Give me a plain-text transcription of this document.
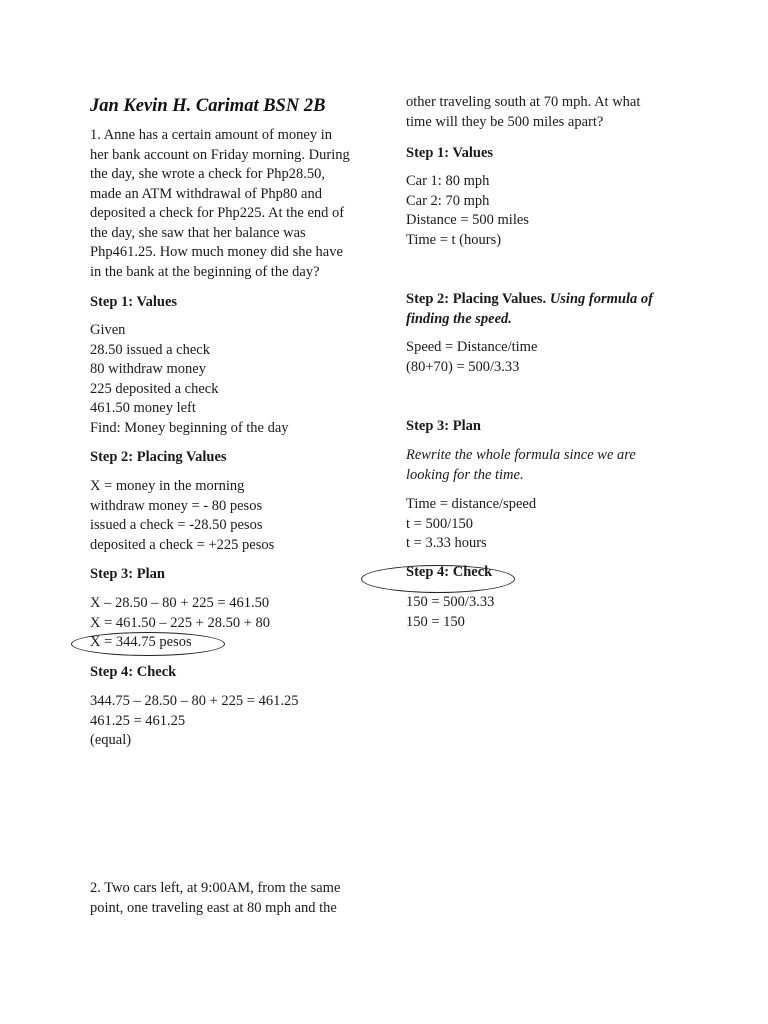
Jan Kevin H. Carimat BSN 2B

1. Anne has a certain amount of money in
her bank account on Friday morning. During
the day, she wrote a check for Php28.50,
made an ATM withdrawal of Php80 and
deposited a check for Php225. At the end of
the day, she saw that her balance was
Php461.25. How much money did she have
in the bank at the beginning of the day?

Step 1: Values

Given
28.50 issued a check
80 withdraw money
225 deposited a check
461.50 money left
Find: Money beginning of the day

Step 2: Placing Values

X = money in the morning
withdraw money = - 80 pesos
issued a check = -28.50 pesos
deposited a check = +225 pesos

Step 3: Plan

X – 28.50 – 80 + 225 = 461.50

X = 461.50 – 225 + 28.50 + 80

X = 344.75 pesos

Step 4: Check

344.75 – 28.50 – 80 + 225 = 461.25
461.25 = 461.25
(equal)

2. Two cars left, at 9:00AM, from the same
point, one traveling east at 80 mph and the

other traveling south at 70 mph. At what
time will they be 500 miles apart?

Step 1: Values

Car 1: 80 mph
Car 2: 70 mph
Distance = 500 miles
Time = t (hours)

Step 2: Placing Values. Using formula of
finding the speed.

Speed = Distance/time
(80+70) = 500/3.33

Step 3: Plan

Rewrite the whole formula since we are
looking for the time.

Time = distance/speed
t = 500/150
t = 3.33 hours

Step 4: Check

150 = 500/3.33
150 = 150
